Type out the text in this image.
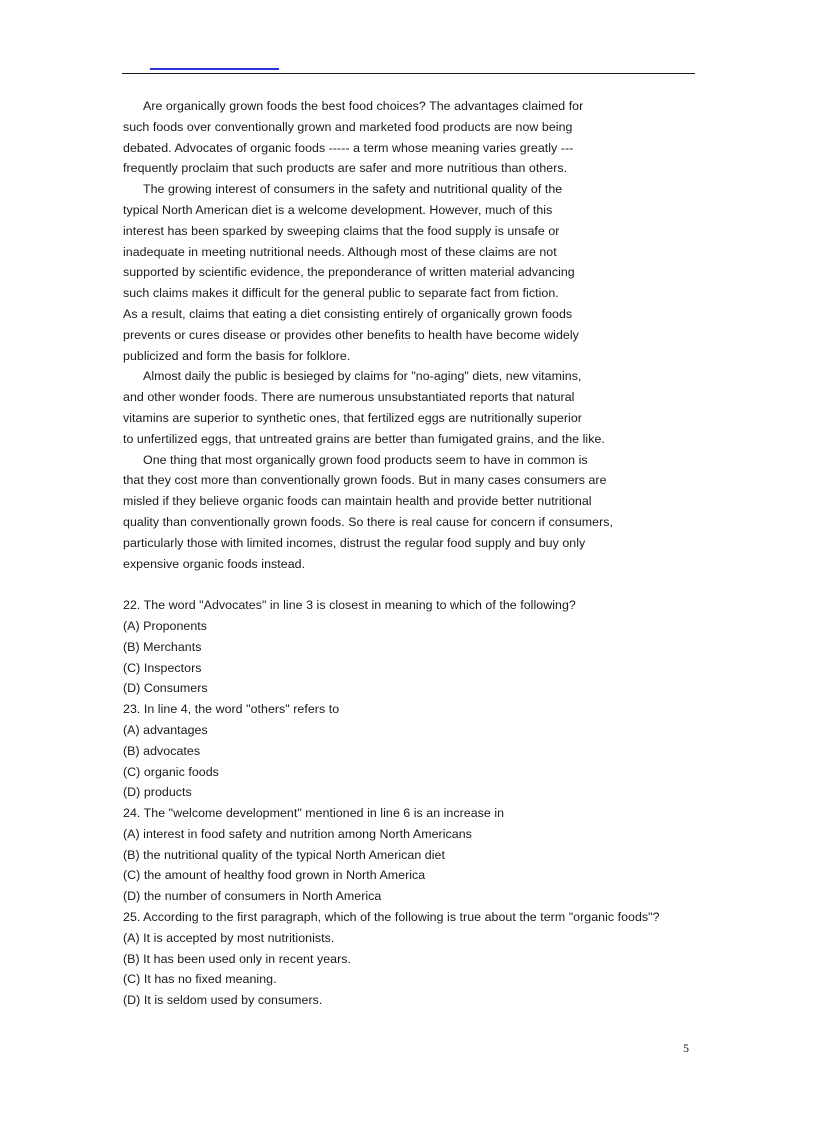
Are organically grown foods the best food choices? The advantages claimed for
such foods over conventionally grown and marketed food products are now being
debated. Advocates of organic foods ----- a term whose meaning varies greatly ---
frequently proclaim that such products are safer and more nutritious than others.
The growing interest of consumers in the safety and nutritional quality of the
typical North American diet is a welcome development. However, much of this
interest has been sparked by sweeping claims that the food supply is unsafe or
inadequate in meeting nutritional needs. Although most of these claims are not
supported by scientific evidence, the preponderance of written material advancing
such claims makes it difficult for the general public to separate fact from fiction.
As a result, claims that eating a diet consisting entirely of organically grown foods
prevents or cures disease or provides other benefits to health have become widely
publicized and form the basis for folklore.
Almost daily the public is besieged by claims for "no-aging" diets, new vitamins,
and other wonder foods. There are numerous unsubstantiated reports that natural
vitamins are superior to synthetic ones, that fertilized eggs are nutritionally superior
to unfertilized eggs, that untreated grains are better than fumigated grains, and the like.
One thing that most organically grown food products seem to have in common is
that they cost more than conventionally grown foods. But in many cases consumers are
misled if they believe organic foods can maintain health and provide better nutritional
quality than conventionally grown foods. So there is real cause for concern if consumers,
particularly those with limited incomes, distrust the regular food supply and buy only
expensive organic foods instead.
22. The word "Advocates" in line 3 is closest in meaning to which of the following?
(A) Proponents
(B) Merchants
(C) Inspectors
(D) Consumers
23. In line 4, the word "others" refers to
(A) advantages
(B) advocates
(C) organic foods
(D) products
24. The "welcome development" mentioned in line 6 is an increase in
(A) interest in food safety and nutrition among North Americans
(B) the nutritional quality of the typical North American diet
(C) the amount of healthy food grown in North America
(D) the number of consumers in North America
25. According to the first paragraph, which of the following is true about the term "organic foods"?
(A) It is accepted by most nutritionists.
(B) It has been used only in recent years.
(C) It has no fixed meaning.
(D) It is seldom used by consumers.
5
